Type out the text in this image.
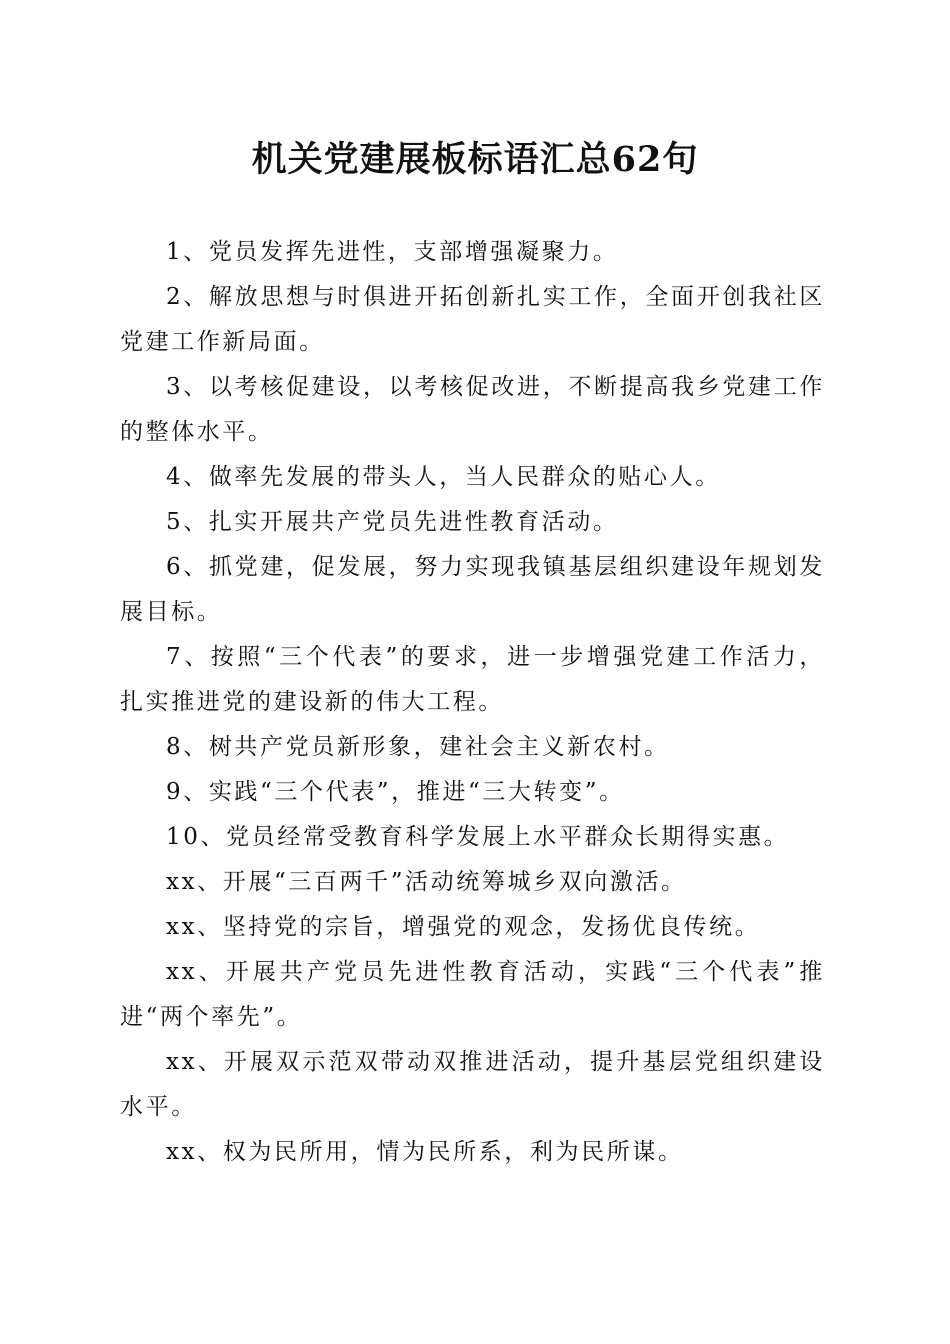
机关党建展板标语汇总62句

1、党员发挥先进性，支部增强凝聚力。

2、解放思想与时俱进开拓创新扎实工作，全面开创我社区党建工作新局面。

3、以考核促建设，以考核促改进，不断提高我乡党建工作的整体水平。

4、做率先发展的带头人，当人民群众的贴心人。

5、扎实开展共产党员先进性教育活动。

6、抓党建，促发展，努力实现我镇基层组织建设年规划发展目标。

7、按照“三个代表”的要求，进一步增强党建工作活力，扎实推进党的建设新的伟大工程。

8、树共产党员新形象，建社会主义新农村。

9、实践“三个代表”，推进“三大转变”。

10、党员经常受教育科学发展上水平群众长期得实惠。

xx、开展“三百两千”活动统筹城乡双向激活。

xx、坚持党的宗旨，增强党的观念，发扬优良传统。

xx、开展共产党员先进性教育活动，实践“三个代表”推进“两个率先”。

xx、开展双示范双带动双推进活动，提升基层党组织建设水平。

xx、权为民所用，情为民所系，利为民所谋。
